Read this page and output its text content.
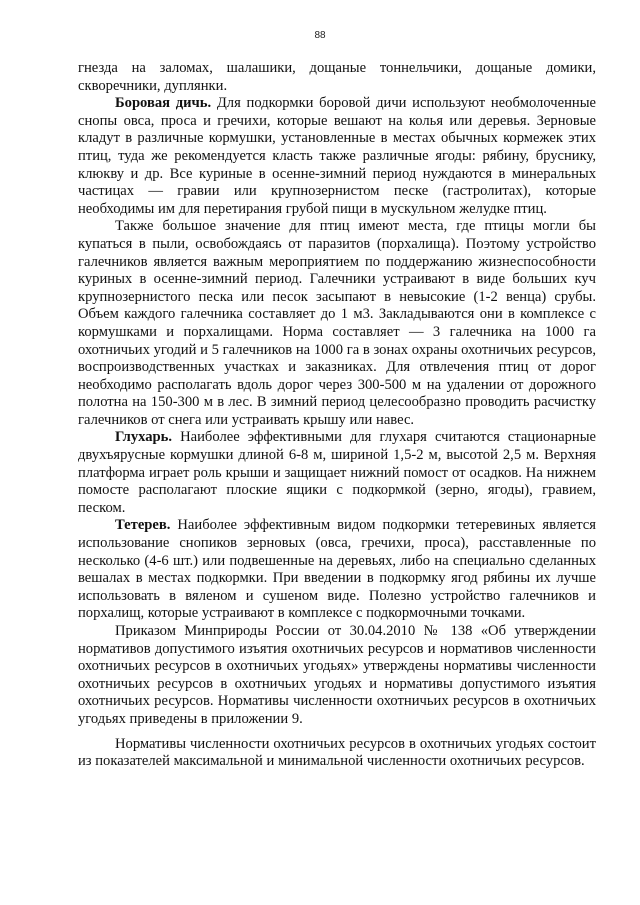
88

гнезда на заломах, шалашики, дощаные тоннельчики, дощаные домики, скворечники, дуплянки.

Боровая дичь. Для подкормки боровой дичи используют необмолоченные снопы овса, проса и гречихи, которые вешают на колья или деревья. Зерновые кладут в различные кормушки, установленные в местах обычных кормежек этих птиц, туда же рекомендуется класть также различные ягоды: рябину, бруснику, клюкву и др. Все куриные в осенне-зимний период нуждаются в минеральных частицах — гравии или крупнозернистом песке (гастролитах), которые необходимы им для перетирания грубой пищи в мускульном желудке птиц.

Также большое значение для птиц имеют места, где птицы могли бы купаться в пыли, освобождаясь от паразитов (порхалища). Поэтому устройство галечников является важным мероприятием по поддержанию жизнеспособности куриных в осенне-зимний период. Галечники устраивают в виде больших куч крупнозернистого песка или песок засыпают в невысокие (1-2 венца) срубы. Объем каждого галечника составляет до 1 м3. Закладываются они в комплексе с кормушками и порхалищами. Норма составляет — 3 галечника на 1000 га охотничьих угодий и 5 галечников на 1000 га в зонах охраны охотничьих ресурсов, воспроизводственных участках и заказниках. Для отвлечения птиц от дорог необходимо располагать вдоль дорог через 300-500 м на удалении от дорожного полотна на 150-300 м в лес. В зимний период целесообразно проводить расчистку галечников от снега или устраивать крышу или навес.

Глухарь. Наиболее эффективными для глухаря считаются стационарные двухъярусные кормушки длиной 6-8 м, шириной 1,5-2 м, высотой 2,5 м. Верхняя платформа играет роль крыши и защищает нижний помост от осадков. На нижнем помосте располагают плоские ящики с подкормкой (зерно, ягоды), гравием, песком.

Тетерев. Наиболее эффективным видом подкормки тетеревиных является использование снопиков зерновых (овса, гречихи, проса), расставленные по несколько (4-6 шт.) или подвешенные на деревьях, либо на специально сделанных вешалах в местах подкормки. При введении в подкормку ягод рябины их лучше использовать в вяленом и сушеном виде. Полезно устройство галечников и порхалищ, которые устраивают в комплексе с подкормочными точками.

Приказом Минприроды России от 30.04.2010 № 138 «Об утверждении нормативов допустимого изъятия охотничьих ресурсов и нормативов численности охотничьих ресурсов в охотничьих угодьях» утверждены нормативы численности охотничьих ресурсов в охотничьих угодьях и нормативы допустимого изъятия охотничьих ресурсов. Нормативы численности охотничьих ресурсов в охотничьих угодьях приведены в приложении 9.

Нормативы численности охотничьих ресурсов в охотничьих угодьях состоит из показателей максимальной и минимальной численности охотничьих ресурсов.
